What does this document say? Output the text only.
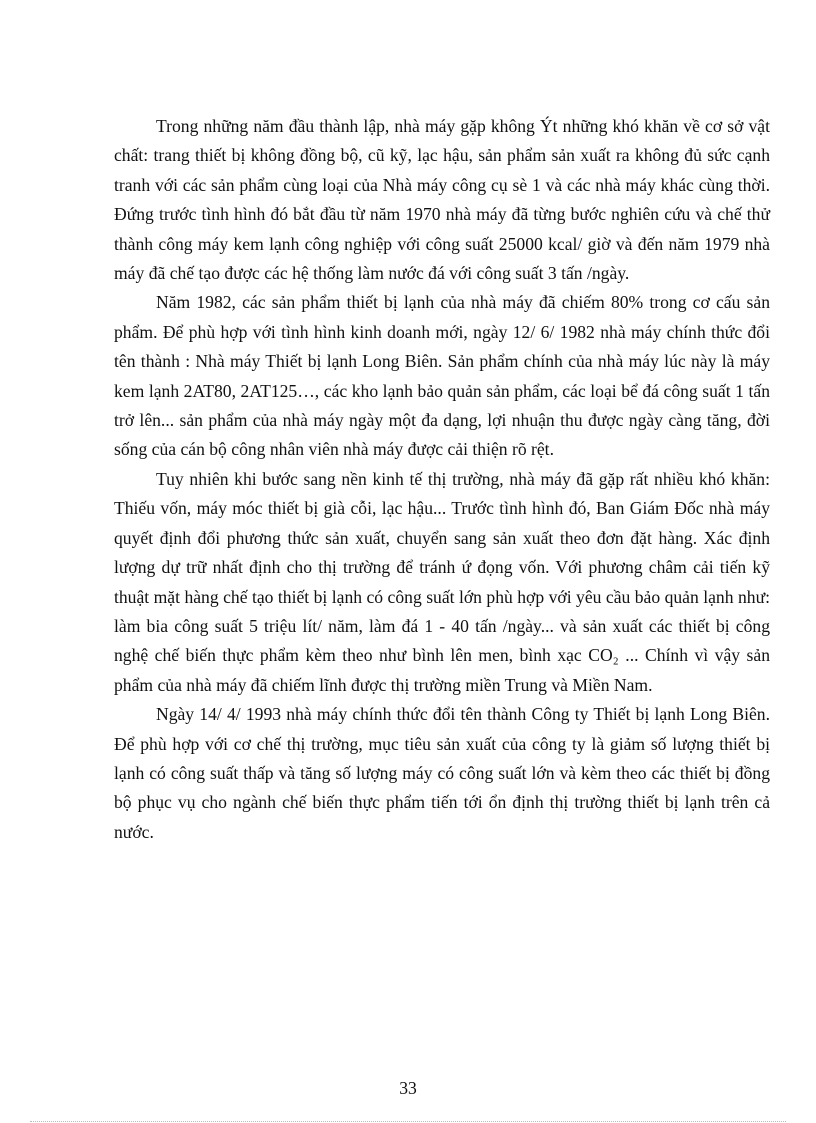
Trong những năm đầu thành lập, nhà máy gặp không Ýt những khó khăn về cơ sở vật chất: trang thiết bị không đồng bộ, cũ kỹ, lạc hậu, sản phẩm sản xuất ra không đủ sức cạnh tranh với các sản phẩm cùng loại của Nhà máy công cụ sè 1 và các nhà máy khác cùng thời. Đứng trước tình hình đó bắt đầu từ năm 1970 nhà máy đã từng bước nghiên cứu và chế thử thành công máy kem lạnh công nghiệp với công suất 25000 kcal/ giờ và đến năm 1979 nhà máy đã chế tạo được các hệ thống làm nước đá với công suất 3 tấn /ngày.

Năm 1982, các sản phẩm thiết bị lạnh của nhà máy đã chiếm 80% trong cơ cấu sản phẩm. Để phù hợp với tình hình kinh doanh mới, ngày 12/ 6/ 1982 nhà máy chính thức đổi tên thành : Nhà máy Thiết bị lạnh Long Biên. Sản phẩm chính của nhà máy lúc này là máy kem lạnh 2AT80, 2AT125…, các kho lạnh bảo quản sản phẩm, các loại bể đá công suất 1 tấn trở lên... sản phẩm của nhà máy ngày một đa dạng, lợi nhuận thu được ngày càng tăng, đời sống của cán bộ công nhân viên nhà máy được cải thiện rõ rệt.

Tuy nhiên khi bước sang nền kinh tế thị trường, nhà máy đã gặp rất nhiều khó khăn: Thiếu vốn, máy móc thiết bị già cỗi, lạc hậu... Trước tình hình đó, Ban Giám Đốc nhà máy quyết định đổi phương thức sản xuất, chuyển sang sản xuất theo đơn đặt hàng. Xác định lượng dự trữ nhất định cho thị trường để tránh ứ đọng vốn. Với phương châm cải tiến kỹ thuật mặt hàng chế tạo thiết bị lạnh có công suất lớn phù hợp với yêu cầu bảo quản lạnh như: làm bia công suất 5 triệu lít/ năm, làm đá 1 - 40 tấn /ngày... và sản xuất các thiết bị công nghệ chế biến thực phẩm kèm theo như bình lên men, bình xạc CO₂ ... Chính vì vậy sản phẩm của nhà máy đã chiếm lĩnh được thị trường miền Trung và Miền Nam.

Ngày 14/ 4/ 1993 nhà máy chính thức đổi tên thành Công ty Thiết bị lạnh Long Biên. Để phù hợp với cơ chế thị trường, mục tiêu sản xuất của công ty là giảm số lượng thiết bị lạnh có công suất thấp và tăng số lượng máy có công suất lớn và kèm theo các thiết bị đồng bộ phục vụ cho ngành chế biến thực phẩm tiến tới ổn định thị trường thiết bị lạnh trên cả nước.

33
